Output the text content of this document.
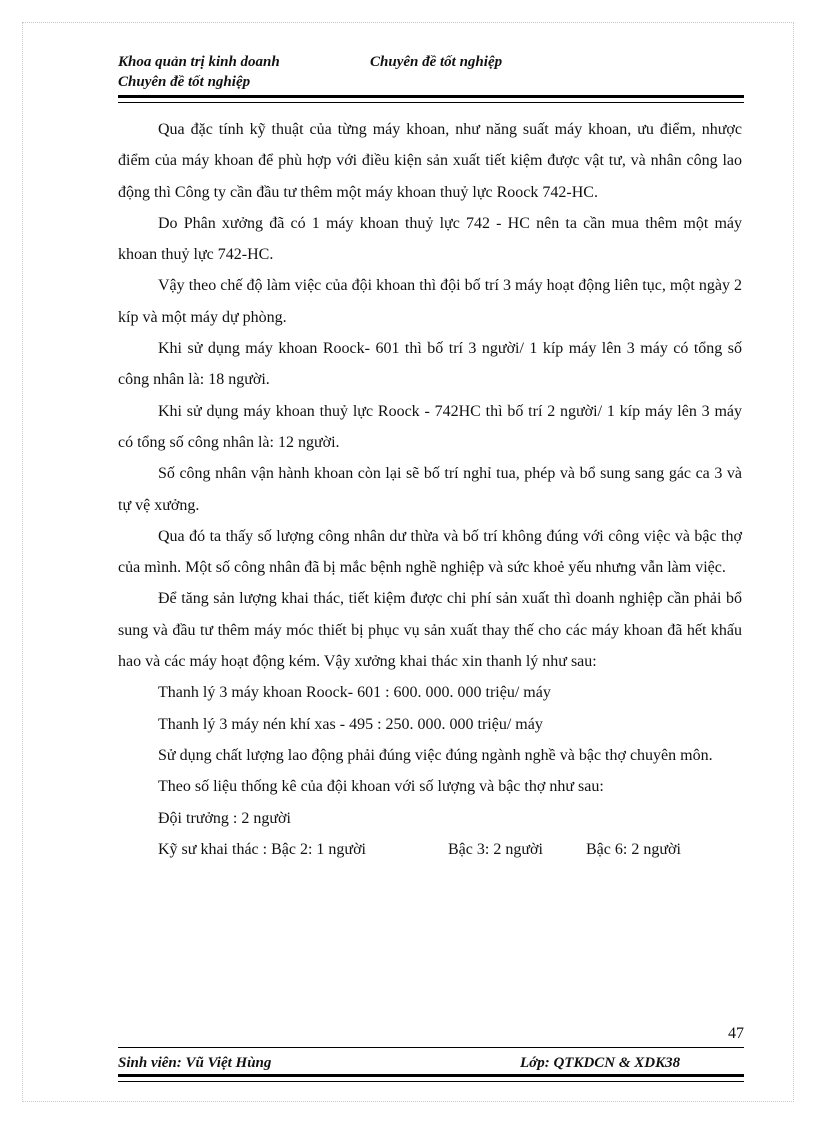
Khoa quản trị kinh doanh	Chuyên đề tốt nghiệp
Chuyên đề tốt nghiệp

Qua đặc tính kỹ thuật của từng máy khoan, như năng suất máy khoan, ưu điểm, nhược điểm của máy khoan để phù hợp với điều kiện sản xuất tiết kiệm được vật tư, và nhân công lao động thì Công ty cần đầu tư thêm một máy khoan thuỷ lực Roock 742-HC.

Do Phân xưởng đã có 1 máy khoan thuỷ lực 742 - HC nên ta cần mua thêm một máy khoan thuỷ lực 742-HC.

Vậy theo chế độ làm việc của đội khoan thì đội bố trí 3 máy hoạt động liên tục, một ngày 2 kíp và một máy dự phòng.

Khi sử dụng máy khoan Roock- 601 thì bố trí 3 người/ 1 kíp máy lên 3 máy có tổng số công nhân là: 18 người.

Khi sử dụng máy khoan thuỷ lực Roock - 742HC thì bố trí 2 người/ 1 kíp máy lên 3 máy có tổng số công nhân là: 12 người.

Số công nhân vận hành khoan còn lại sẽ bố trí nghỉ tua, phép và bổ sung sang gác ca 3 và tự vệ xưởng.

Qua đó ta thấy số lượng công nhân dư thừa và bố trí không đúng với công việc và bậc thợ của mình. Một số công nhân đã bị mắc bệnh nghề nghiệp và sức khoẻ yếu nhưng vẫn làm việc.

Để tăng sản lượng khai thác, tiết kiệm được chi phí sản xuất thì doanh nghiệp cần phải bổ sung và đầu tư thêm máy móc thiết bị phục vụ sản xuất thay thế cho các máy khoan đã hết khấu hao và các máy hoạt động kém. Vậy xưởng khai thác xin thanh lý như sau:

Thanh lý 3 máy khoan Roock- 601 : 600. 000. 000 triệu/ máy

Thanh lý 3 máy nén khí xas - 495 : 250. 000. 000 triệu/ máy

Sử dụng chất lượng lao động phải đúng việc đúng ngành nghề và bậc thợ chuyên môn.

Theo số liệu thống kê của đội khoan với số lượng và bậc thợ như sau:

Đội trưởng : 2 người

Kỹ sư khai thác : Bậc 2: 1 người	Bậc 3: 2 người	Bậc 6: 2 người
47
Sinh viên: Vũ Việt Hùng	Lớp: QTKDCN & XDK38
